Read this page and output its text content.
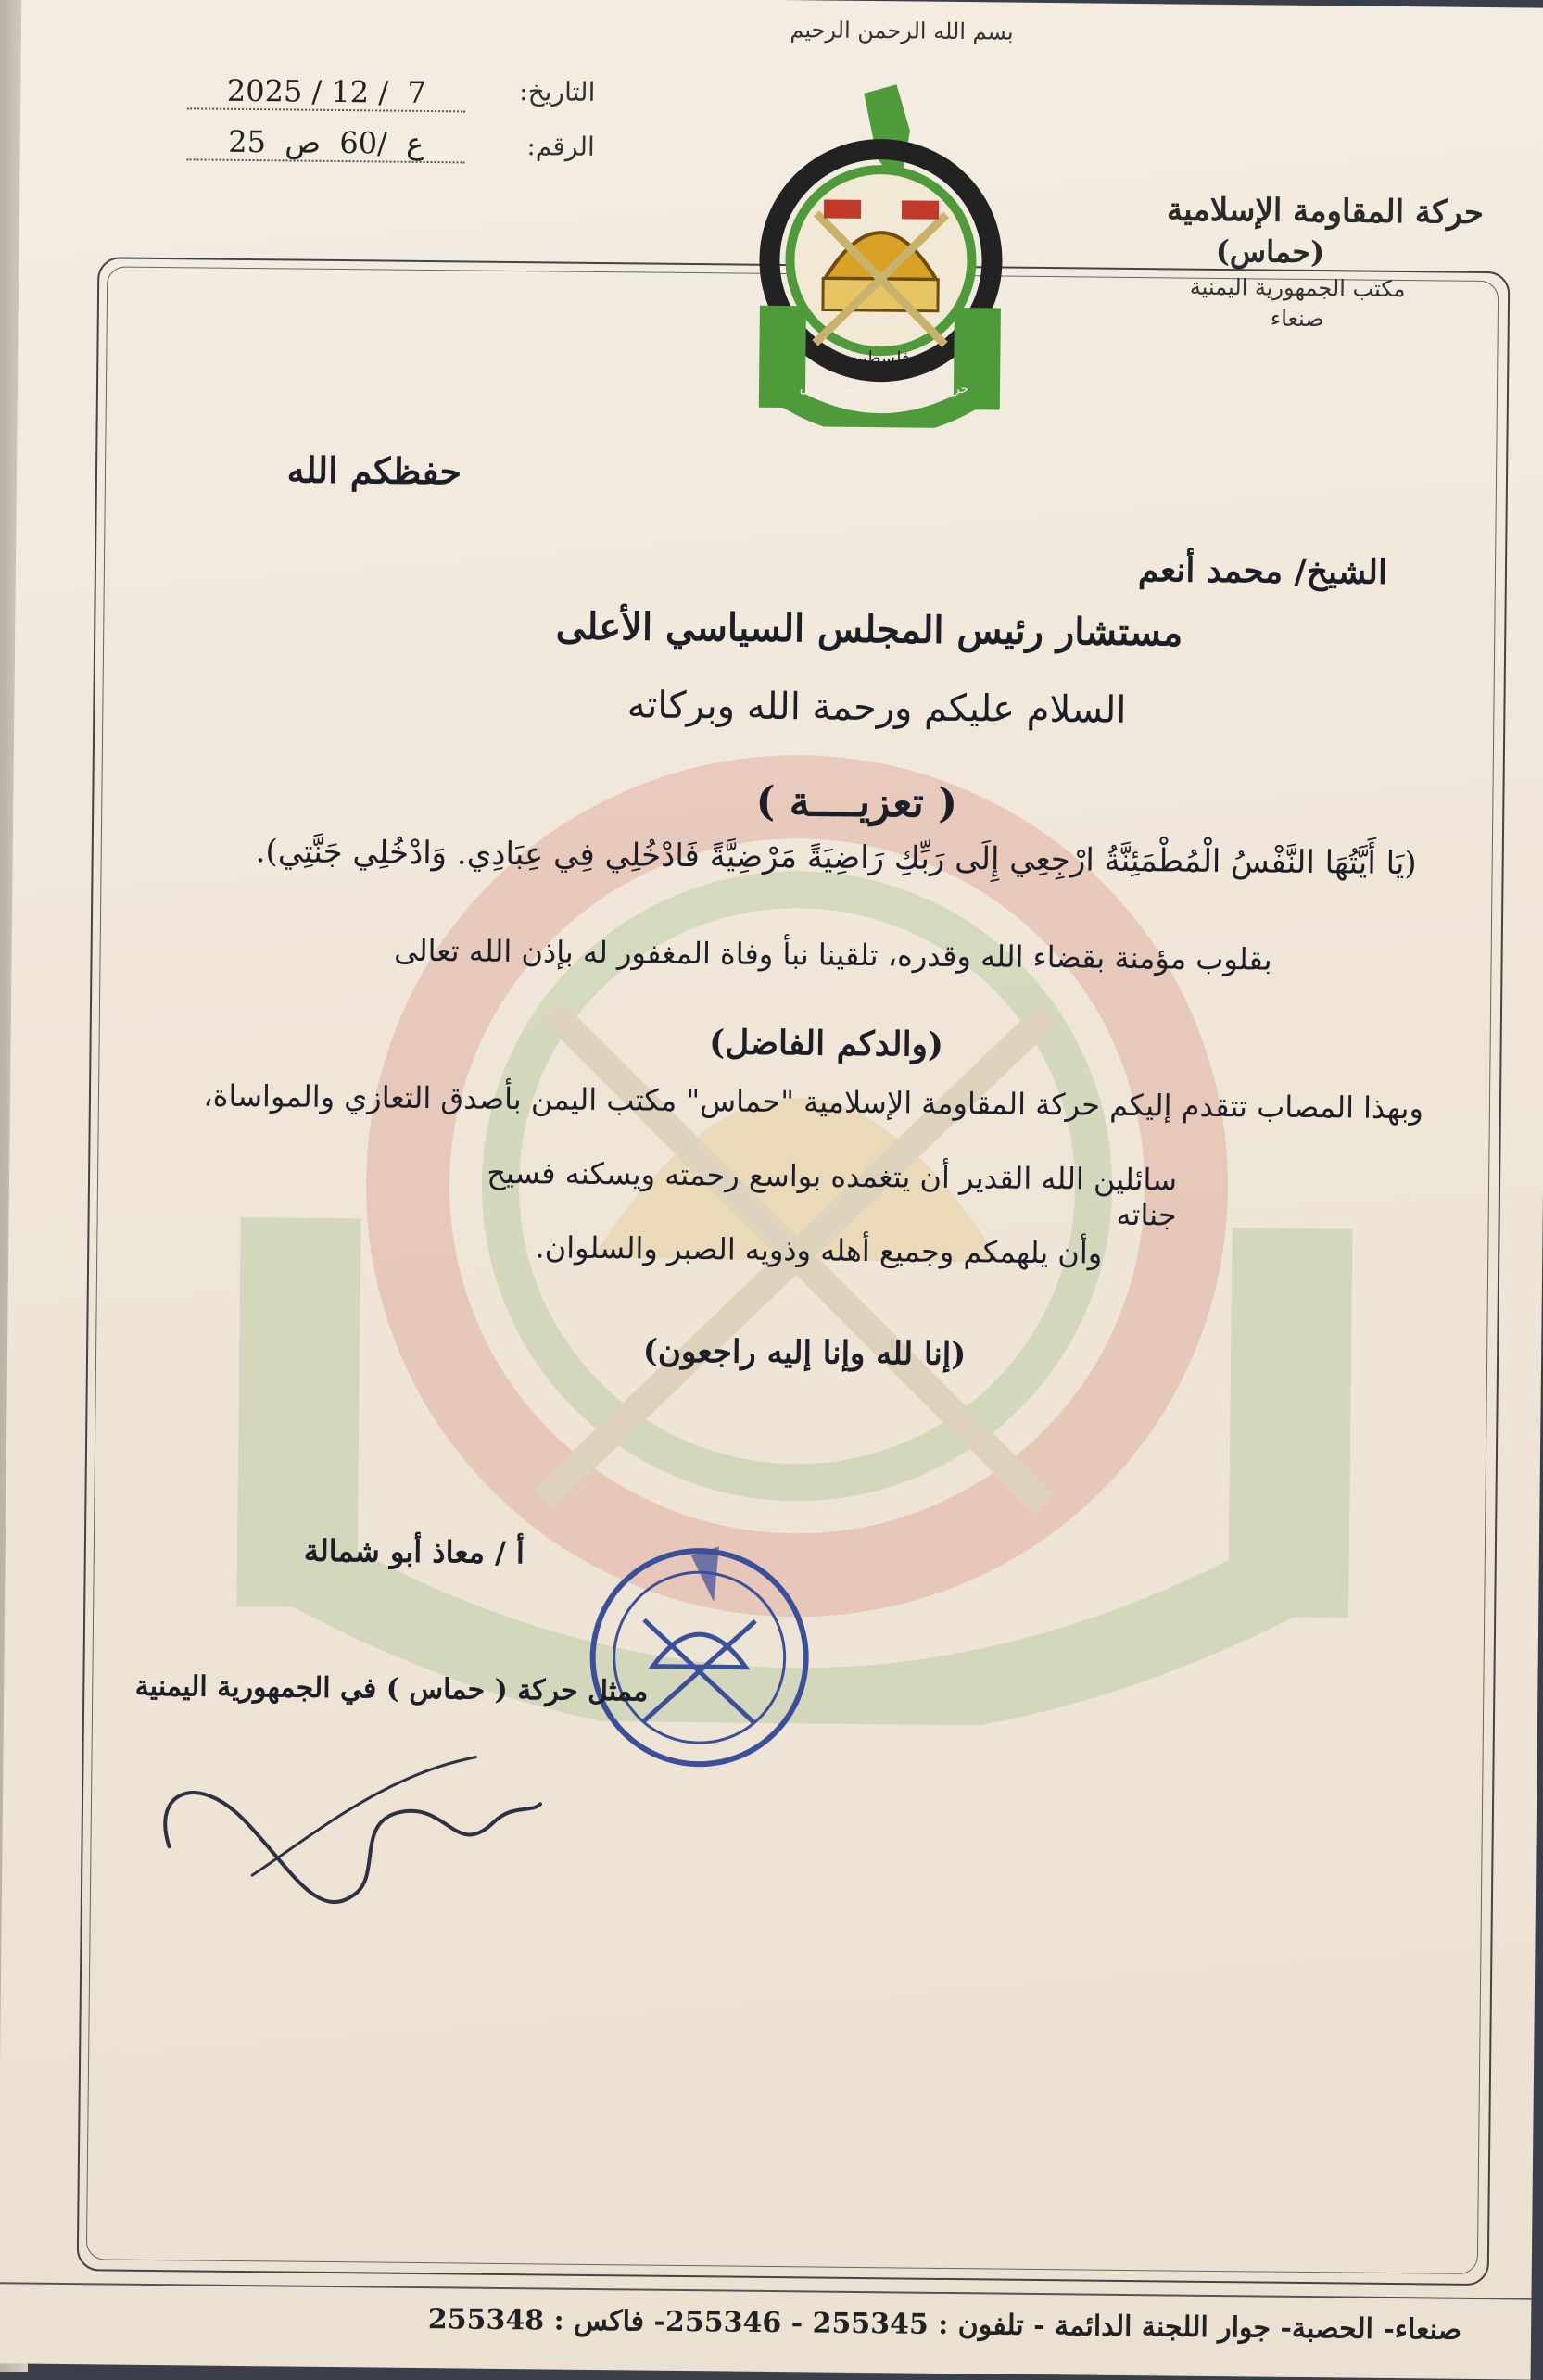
بسم الله الرحمن الرحيم
فلسطين
حركة المقاومة الإسلامية حماس
التاريخ:
2025 / 12 /  7
الرقم:
25  ع  /60  ص
حركة المقاومة الإسلامية
(حماس)
مكتب الجمهورية اليمنية
صنعاء
حفظكم الله
الشيخ/ محمد أنعم
مستشار رئيس المجلس السياسي الأعلى
السلام عليكم ورحمة الله وبركاته
( تعزيــــة )
(يَا أَيَّتُهَا النَّفْسُ الْمُطْمَئِنَّةُ ارْجِعِي إِلَى رَبِّكِ رَاضِيَةً مَرْضِيَّةً فَادْخُلِي فِي عِبَادِي. وَادْخُلِي جَنَّتِي).
بقلوب مؤمنة بقضاء الله وقدره، تلقينا نبأ وفاة المغفور له بإذن الله تعالى
(والدكم الفاضل)
وبهذا المصاب تتقدم إليكم حركة المقاومة الإسلامية "حماس" مكتب اليمن بأصدق التعازي والمواساة،
سائلين الله القدير أن يتغمده بواسع رحمته ويسكنه فسيح جناته
وأن يلهمكم وجميع أهله وذويه الصبر والسلوان.
(إنا لله وإنا إليه راجعون)
أ / معاذ أبو شمالة
ممثل حركة ( حماس ) في الجمهورية اليمنية
صنعاء- الحصبة- جوار اللجنة الدائمة - تلفون : 255345 - 255346- فاكس : 255348
